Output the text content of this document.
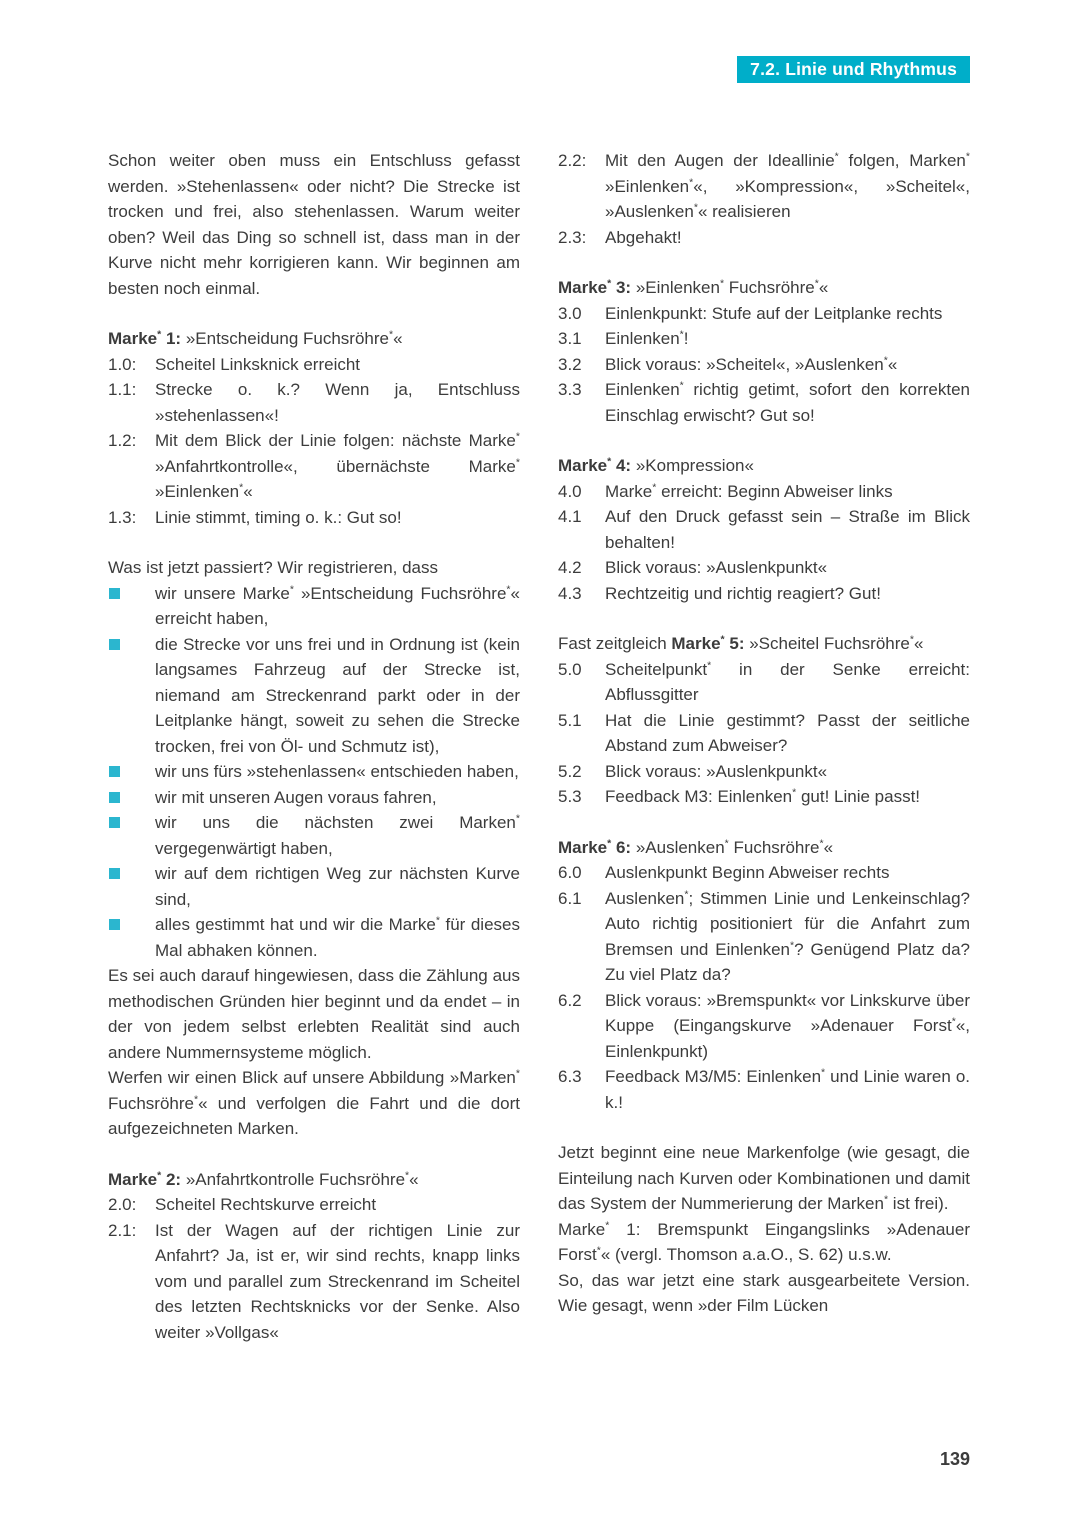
7.2. Linie und Rhythmus

Schon weiter oben muss ein Entschluss gefasst werden. »Stehenlassen« oder nicht? Die Strecke ist trocken und frei, also stehenlassen. Warum weiter oben? Weil das Ding so schnell ist, dass man in der Kurve nicht mehr korrigieren kann. Wir beginnen am besten noch einmal.

Marke* 1: »Entscheidung Fuchsröhre*«

1.0: Scheitel Linksknick erreicht
1.1: Strecke o. k.? Wenn ja, Entschluss »stehenlassen«!
1.2: Mit dem Blick der Linie folgen: nächste Marke* »Anfahrtkontrolle«, übernächste Marke* »Einlenken*«
1.3: Linie stimmt, timing o. k.: Gut so!

Was ist jetzt passiert? Wir registrieren, dass

wir unsere Marke* »Entscheidung Fuchsröhre*« erreicht haben,
die Strecke vor uns frei und in Ordnung ist (kein langsames Fahrzeug auf der Strecke ist, niemand am Streckenrand parkt oder in der Leitplanke hängt, soweit zu sehen die Strecke trocken, frei von Öl- und Schmutz ist),
wir uns fürs »stehenlassen« entschieden haben,
wir mit unseren Augen voraus fahren,
wir uns die nächsten zwei Marken* vergegenwärtigt haben,
wir auf dem richtigen Weg zur nächsten Kurve sind,
alles gestimmt hat und wir die Marke* für dieses Mal abhaken können.

Es sei auch darauf hingewiesen, dass die Zählung aus methodischen Gründen hier beginnt und da endet – in der von jedem selbst erlebten Realität sind auch andere Nummernsysteme möglich.

Werfen wir einen Blick auf unsere Abbildung »Marken* Fuchsröhre*« und verfolgen die Fahrt und die dort aufgezeichneten Marken.

Marke* 2: »Anfahrtkontrolle Fuchsröhre*«

2.0: Scheitel Rechtskurve erreicht
2.1: Ist der Wagen auf der richtigen Linie zur Anfahrt? Ja, ist er, wir sind rechts, knapp links vom und parallel zum Streckenrand im Scheitel des letzten Rechtsknicks vor der Senke. Also weiter »Vollgas«
2.2: Mit den Augen der Ideallinie* folgen, Marken* »Einlenken*«, »Kompression«, »Scheitel«, »Auslenken*« realisieren
2.3: Abgehakt!

Marke* 3: »Einlenken* Fuchsröhre*«

3.0 Einlenkpunkt: Stufe auf der Leitplanke rechts
3.1 Einlenken*!
3.2 Blick voraus: »Scheitel«, »Auslenken*«
3.3 Einlenken* richtig getimt, sofort den korrekten Einschlag erwischt? Gut so!

Marke* 4: »Kompression«

4.0 Marke* erreicht: Beginn Abweiser links
4.1 Auf den Druck gefasst sein – Straße im Blick behalten!
4.2 Blick voraus: »Auslenkpunkt«
4.3 Rechtzeitig und richtig reagiert? Gut!

Fast zeitgleich Marke* 5: »Scheitel Fuchsröhre*«

5.0 Scheitelpunkt* in der Senke erreicht: Abflussgitter
5.1 Hat die Linie gestimmt? Passt der seitliche Abstand zum Abweiser?
5.2 Blick voraus: »Auslenkpunkt«
5.3 Feedback M3: Einlenken* gut! Linie passt!

Marke* 6: »Auslenken* Fuchsröhre*«

6.0 Auslenkpunkt Beginn Abweiser rechts
6.1 Auslenken*; Stimmen Linie und Lenkeinschlag? Auto richtig positioniert für die Anfahrt zum Bremsen und Einlenken*? Genügend Platz da? Zu viel Platz da?
6.2 Blick voraus: »Bremspunkt« vor Linkskurve über Kuppe (Eingangskurve »Adenauer Forst*«, Einlenkpunkt)
6.3 Feedback M3/M5: Einlenken* und Linie waren o. k.!

Jetzt beginnt eine neue Markenfolge (wie gesagt, die Einteilung nach Kurven oder Kombinationen und damit das System der Nummerierung der Marken* ist frei).

Marke* 1: Bremspunkt Eingangslinks »Adenauer Forst*« (vergl. Thomson a.a.O., S. 62) u.s.w.

So, das war jetzt eine stark ausgearbeitete Version. Wie gesagt, wenn »der Film Lücken

139
